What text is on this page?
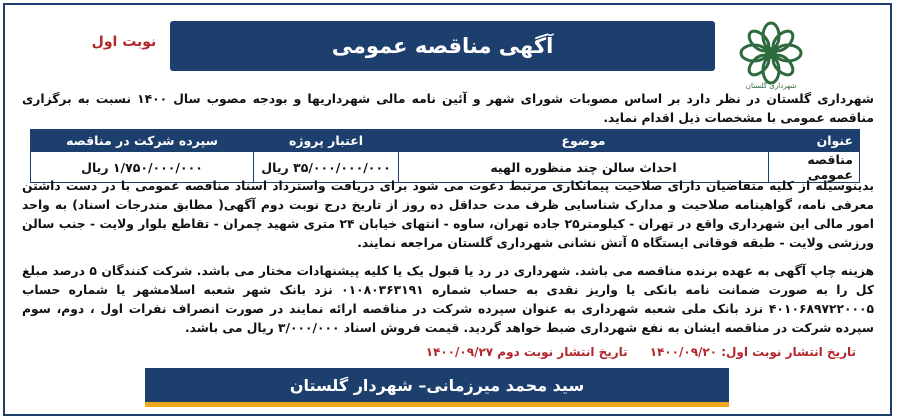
نوبت اول	آگهی مناقصه عمومی
شهرداری گلستان
شهرداری گلستان در نظر دارد بر اساس مصوبات شورای شهر و آئین نامه مالی شهرداریها و بودجه مصوب سال ۱۴۰۰ نسبت به برگزاری مناقصه عمومی با مشخصات ذیل اقدام نماید.
عنوان	موضوع	اعتبار پروژه	سپرده شرکت در مناقصه
مناقصه عمومی	احداث سالن چند منظوره الهیه	۳۵/۰۰۰/۰۰۰/۰۰۰ ریال	۱/۷۵۰/۰۰۰/۰۰۰ ریال
بدینوسیله از کلیه متقاضیان دارای صلاحیت پیمانکاری مرتبط دعوت می شود برای دریافت واسترداد اسناد مناقصه عمومی با در دست داشتن معرفی نامه، گواهینامه صلاحیت و مدارک شناسایی ظرف مدت حداقل ده روز از تاریخ درج نوبت دوم آگهی( مطابق مندرجات اسناد) به واحد امور مالی این شهرداری واقع در تهران - کیلومتر۲۵ جاده تهران، ساوه - انتهای خیابان ۲۴ متری شهید چمران - تقاطع بلوار ولایت - جنب سالن ورزشی ولایت - طبقه فوقانی ایستگاه ۵ آتش نشانی شهرداری گلستان مراجعه نمایند.
هزینه چاپ آگهی به عهده برنده مناقصه می باشد. شهرداری در رد یا قبول یک یا کلیه پیشنهادات مختار می باشد. شرکت کنندگان ۵ درصد مبلغ کل را به صورت ضمانت نامه بانکی یا واریز نقدی به حساب شماره ۰۱۰۸۰۳۶۳۱۹۱ نزد بانک شهر شعبه اسلامشهر یا شماره حساب ۴۰۱۰۶۸۹۷۲۲۰۰۰۵ نزد بانک ملی شعبه شهرداری به عنوان سپرده شرکت در مناقصه ارائه نمایند در صورت انصراف نفرات اول ، دوم، سوم سپرده شرکت در مناقصه ایشان به نفع شهرداری ضبط خواهد گردید. قیمت فروش اسناد ۳/۰۰۰/۰۰۰ ریال می باشد.
تاریخ انتشار نوبت اول: ۱۴۰۰/۰۹/۲۰
تاریخ انتشار نوبت دوم ۱۴۰۰/۰۹/۲۷
سید محمد میرزمانی– شهردار گلستان
